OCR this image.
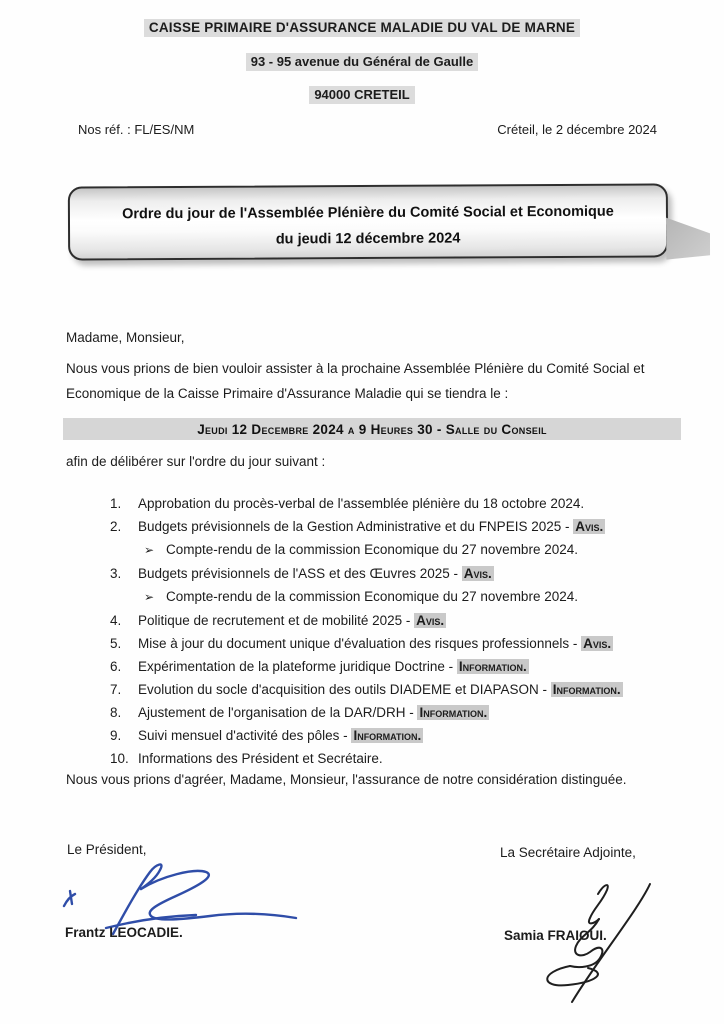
CAISSE PRIMAIRE D'ASSURANCE MALADIE DU VAL DE MARNE
93 - 95 avenue du Général de Gaulle
94000 CRETEIL
Nos réf. : FL/ES/NM	Créteil, le 2 décembre 2024
Ordre du jour de l'Assemblée Plénière du Comité Social et Economique
du jeudi 12 décembre 2024
Madame, Monsieur,

Nous vous prions de bien vouloir assister à la prochaine Assemblée Plénière du Comité Social et Economique de la Caisse Primaire d'Assurance Maladie qui se tiendra le :

Jeudi 12 Decembre 2024 a 9 Heures 30 - Salle du Conseil
afin de délibérer sur l'ordre du jour suivant :
1. Approbation du procès-verbal de l'assemblée plénière du 18 octobre 2024.
2. Budgets prévisionnels de la Gestion Administrative et du FNPEIS 2025 - Avis.
➢ Compte-rendu de la commission Economique du 27 novembre 2024.
3. Budgets prévisionnels de l'ASS et des Œuvres 2025 - Avis.
➢ Compte-rendu de la commission Economique du 27 novembre 2024.
4. Politique de recrutement et de mobilité 2025 - Avis.
5. Mise à jour du document unique d'évaluation des risques professionnels - Avis.
6. Expérimentation de la plateforme juridique Doctrine - Information.
7. Evolution du socle d'acquisition des outils DIADEME et DIAPASON - Information.
8. Ajustement de l'organisation de la DAR/DRH - Information.
9. Suivi mensuel d'activité des pôles - Information.
10. Informations des Président et Secrétaire.

Nous vous prions d'agréer, Madame, Monsieur, l'assurance de notre considération distinguée.

Le Président,	La Secrétaire Adjointe,
Frantz LEOCADIE.	Samia FRAIOUI.
